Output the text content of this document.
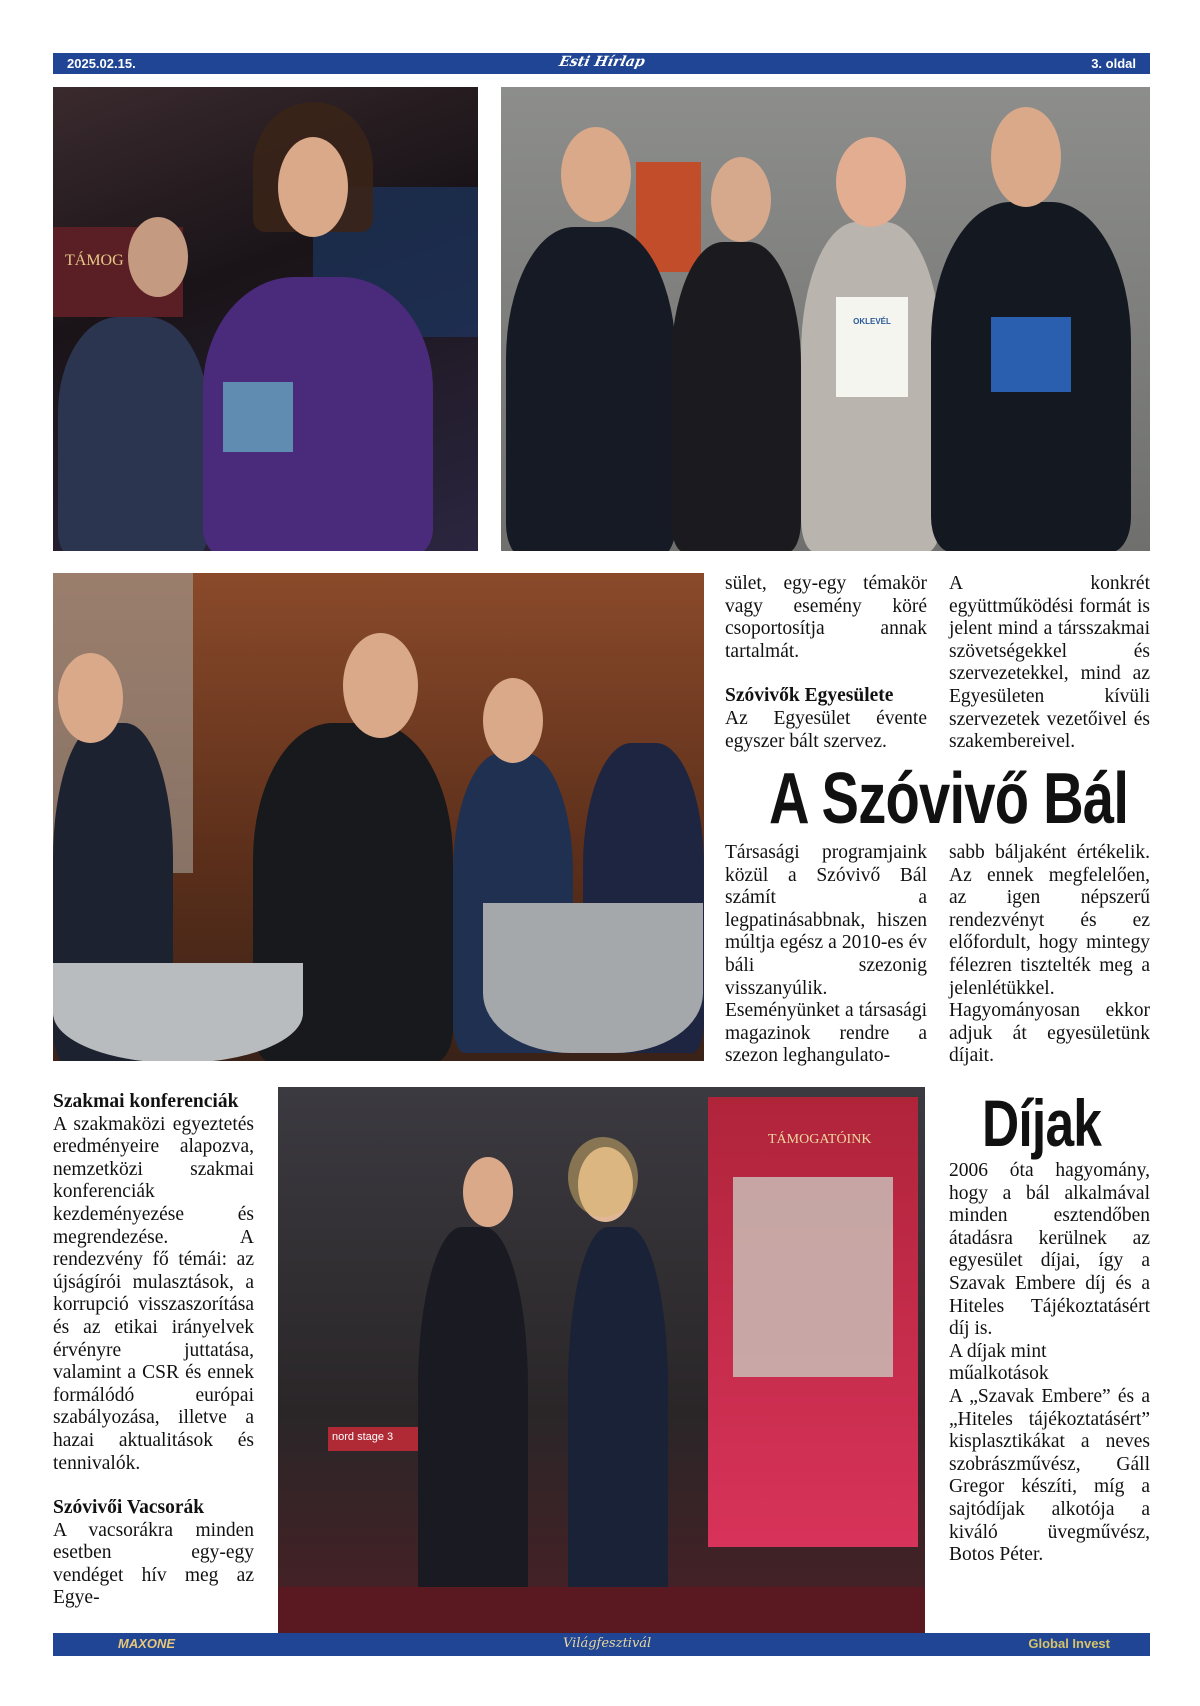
2025.02.15.	Esti Hírlap	3. oldal
TÁMOG
OKLEVÉL

sület, egy-egy témakör vagy esemény köré csoportosítja annak tartalmát.

Szóvivők Egyesülete

Az Egyesület évente egyszer bált szervez.

A konkrét együttműködési formát is jelent mind a társszakmai szövetségekkel és szervezetekkel, mind az Egyesületen kívüli szervezetek vezetőivel és szakembereivel.

A Szóvivő Bál

Társasági programjaink közül a Szóvivő Bál számít a legpatinásabbnak, hiszen múltja egész a 2010-es év báli szezonig visszanyúlik. Eseményünket a társasági magazinok rendre a szezon leghangulato-

sabb báljaként értékelik. Az ennek megfelelően, az igen népszerű rendezvényt és ez előfordult, hogy mintegy félezren tisztelték meg a jelenlétükkel. Hagyományosan ekkor adjuk át egyesületünk díjait.

Szakmai konferenciák

A szakmaközi egyeztetés eredményeire alapozva, nemzetközi szakmai konferenciák kezdeményezése és megrendezése. A rendezvény fő témái: az újságírói mulasztások, a korrupció visszaszorítása és az etikai irányelvek érvényre juttatása, valamint a CSR és ennek formálódó európai szabályozása, illetve a hazai aktualitások és tennivalók.

Szóvivői Vacsorák

A vacsorákra minden esetben egy-egy vendéget hív meg az Egye-

TÁMOGATÓINK
nord stage 3
Díjak

2006 óta hagyomány, hogy a bál alkalmával minden esztendőben átadásra kerülnek az egyesület díjai, így a Szavak Embere díj és a Hiteles Tájékoztatásért díj is.

A díjak mint műalkotások

A „Szavak Embere” és a „Hiteles tájékoztatásért” kisplasztikákat a neves szobrászművész, Gáll Gregor készíti, míg a sajtódíjak alkotója a kiváló üvegművész, Botos Péter.

MAXONE	Világfesztivál	Global Invest
